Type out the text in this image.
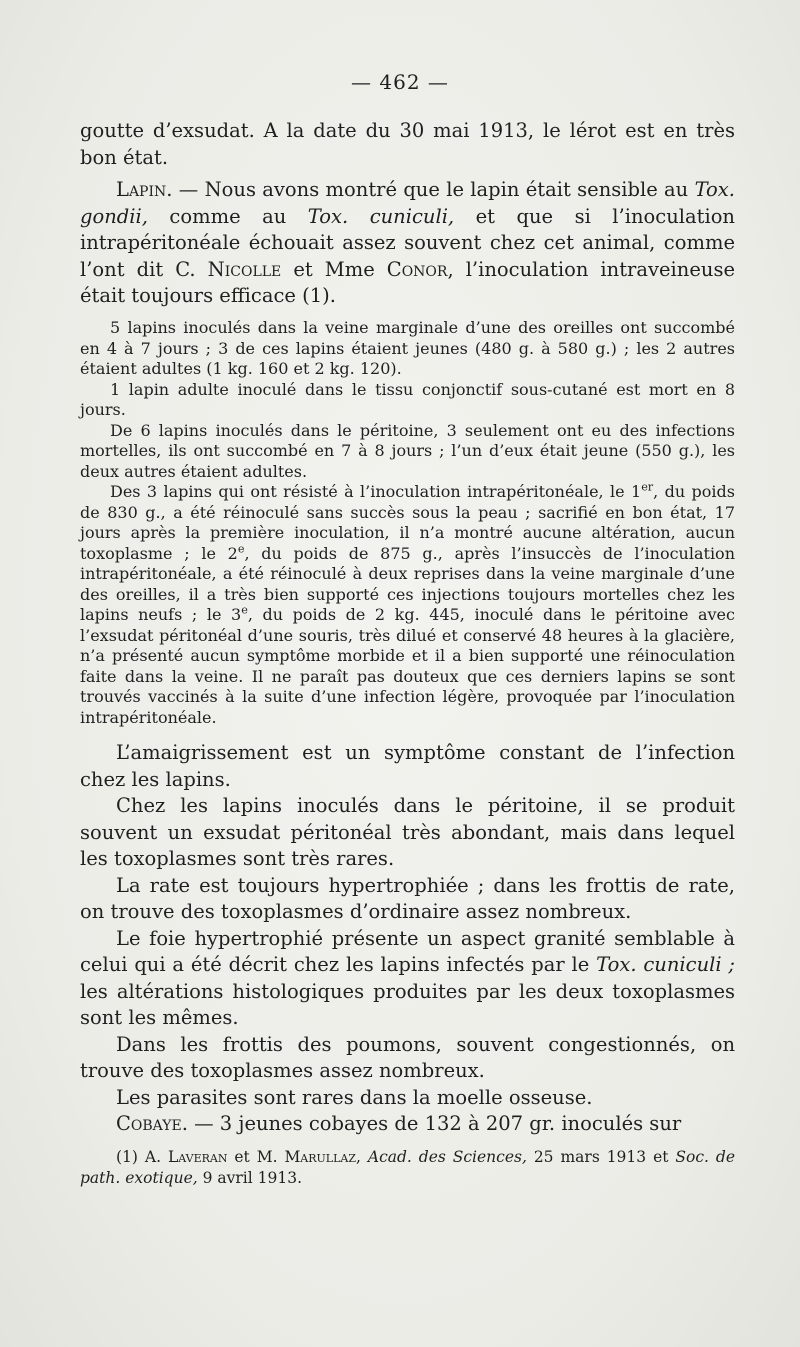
— 462 —

goutte d’exsudat. A la date du 30 mai 1913, le lérot est en très bon état.

Lapin. — Nous avons montré que le lapin était sensible au Tox. gondii, comme au Tox. cuniculi, et que si l’inoculation intrapéritonéale échouait assez souvent chez cet animal, comme l’ont dit C. Nicolle et Mme Conor, l’inoculation intraveineuse était toujours efficace (1).

5 lapins inoculés dans la veine marginale d’une des oreilles ont succombé en 4 à 7 jours ; 3 de ces lapins étaient jeunes (480 g. à 580 g.) ; les 2 autres étaient adultes (1 kg. 160 et 2 kg. 120).

1 lapin adulte inoculé dans le tissu conjonctif sous-cutané est mort en 8 jours.

De 6 lapins inoculés dans le péritoine, 3 seulement ont eu des infections mortelles, ils ont succombé en 7 à 8 jours ; l’un d’eux était jeune (550 g.), les deux autres étaient adultes.

Des 3 lapins qui ont résisté à l’inoculation intrapéritonéale, le 1er, du poids de 830 g., a été réinoculé sans succès sous la peau ; sacrifié en bon état, 17 jours après la première inoculation, il n’a montré aucune altération, aucun toxoplasme ; le 2e, du poids de 875 g., après l’insuccès de l’inoculation intrapéritonéale, a été réinoculé à deux reprises dans la veine marginale d’une des oreilles, il a très bien supporté ces injections toujours mortelles chez les lapins neufs ; le 3e, du poids de 2 kg. 445, inoculé dans le péritoine avec l’exsudat péritonéal d’une souris, très dilué et conservé 48 heures à la glacière, n’a présenté aucun symptôme morbide et il a bien supporté une réinoculation faite dans la veine. Il ne paraît pas douteux que ces derniers lapins se sont trouvés vaccinés à la suite d’une infection légère, provoquée par l’inoculation intrapéritonéale.

L’amaigrissement est un symptôme constant de l’infection chez les lapins.

Chez les lapins inoculés dans le péritoine, il se produit souvent un exsudat péritonéal très abondant, mais dans lequel les toxoplasmes sont très rares.

La rate est toujours hypertrophiée ; dans les frottis de rate, on trouve des toxoplasmes d’ordinaire assez nombreux.

Le foie hypertrophié présente un aspect granité semblable à celui qui a été décrit chez les lapins infectés par le Tox. cuniculi ; les altérations histologiques produites par les deux toxoplasmes sont les mêmes.

Dans les frottis des poumons, souvent congestionnés, on trouve des toxoplasmes assez nombreux.

Les parasites sont rares dans la moelle osseuse.

Cobaye. — 3 jeunes cobayes de 132 à 207 gr. inoculés sur

(1) A. Laveran et M. Marullaz, Acad. des Sciences, 25 mars 1913 et Soc. de path. exotique, 9 avril 1913.
